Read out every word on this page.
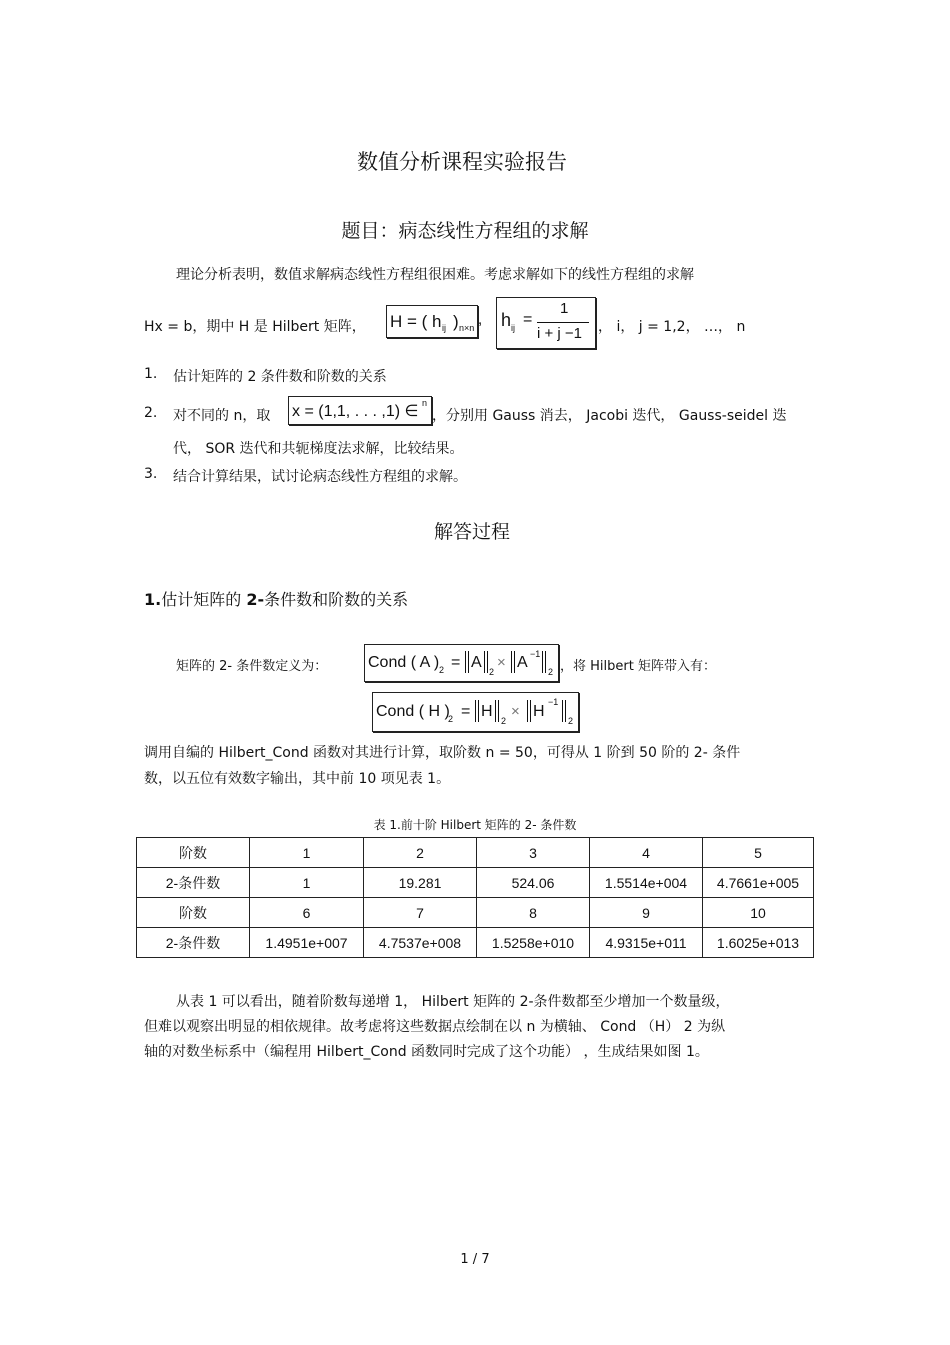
数值分析课程实验报告
题目：病态线性方程组的求解
理论分析表明，数值求解病态线性方程组很困难。考虑求解如下的线性方程组的求解
Hx = b，期中 H 是 Hilbert 矩阵， H = ( h ij ) n×n , h ij =
1
i + j −1 ， i， j = 1,2， …， n
1. 估计矩阵的 2 条件数和阶数的关系
2. 对不同的 n，取 x = (1,1, . . . ,1) ∈ n
，分别用 Gauss 消去， Jacobi 迭代， Gauss-seidel 迭
代， SOR 迭代和共轭梯度法求解，比较结果。
3. 结合计算结果，试讨论病态线性方程组的求解。
解答过程
1.估计矩阵的 2-条件数和阶数的关系
矩阵的 2- 条件数定义为：	Cond ( A ) 2 = A
2
× A −1
2 ，将 Hilbert 矩阵带入有：
Cond ( H )
2 = H
2
× H
−1
2
调用自编的 Hilbert_Cond 函数对其进行计算，取阶数 n = 50，可得从 1 阶到 50 阶的 2- 条件
数，以五位有效数字输出，其中前 10 项见表 1。
表 1.前十阶 Hilbert 矩阵的 2- 条件数
阶数	1	2	3	4	5
2-条件数	1	19.281	524.06	1.5514e+004	4.7661e+005
阶数	6	7	8	9	10
2-条件数	1.4951e+007	4.7537e+008	1.5258e+010	4.9315e+011	1.6025e+013
从表 1 可以看出，随着阶数每递增 1， Hilbert 矩阵的 2-条件数都至少增加一个数量级，
但难以观察出明显的相依规律。故考虑将这些数据点绘制在以 n 为横轴、 Cond （H） 2 为纵
轴的对数坐标系中（编程用 Hilbert_Cond 函数同时完成了这个功能） ，生成结果如图 1。
1 / 7
